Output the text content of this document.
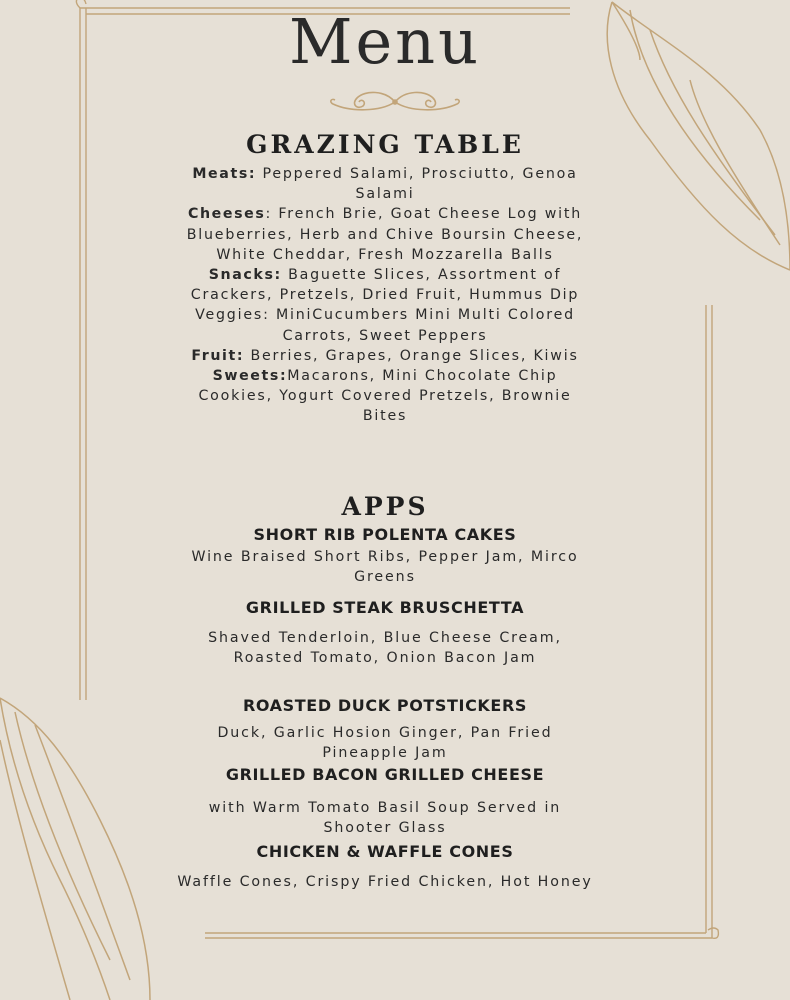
Menu
GRAZING TABLE
Meats: Peppered Salami, Prosciutto, Genoa Salami
Cheeses: French Brie, Goat Cheese Log with Blueberries, Herb and Chive Boursin Cheese, White Cheddar, Fresh Mozzarella Balls
Snacks: Baguette Slices, Assortment of Crackers, Pretzels, Dried Fruit, Hummus Dip
Veggies: MiniCucumbers Mini Multi Colored Carrots, Sweet Peppers
Fruit: Berries, Grapes, Orange Slices, Kiwis
Sweets:Macarons, Mini Chocolate Chip Cookies, Yogurt Covered Pretzels, Brownie Bites
APPS
SHORT RIB POLENTA CAKES
Wine Braised Short Ribs, Pepper Jam, Mirco Greens
GRILLED STEAK BRUSCHETTA
Shaved Tenderloin, Blue Cheese Cream, Roasted Tomato, Onion Bacon Jam
ROASTED DUCK POTSTICKERS
Duck, Garlic Hosion Ginger, Pan Fried Pineapple Jam
GRILLED BACON GRILLED CHEESE
with Warm Tomato Basil Soup Served in Shooter Glass
CHICKEN & WAFFLE CONES
Waffle Cones, Crispy Fried Chicken, Hot Honey
